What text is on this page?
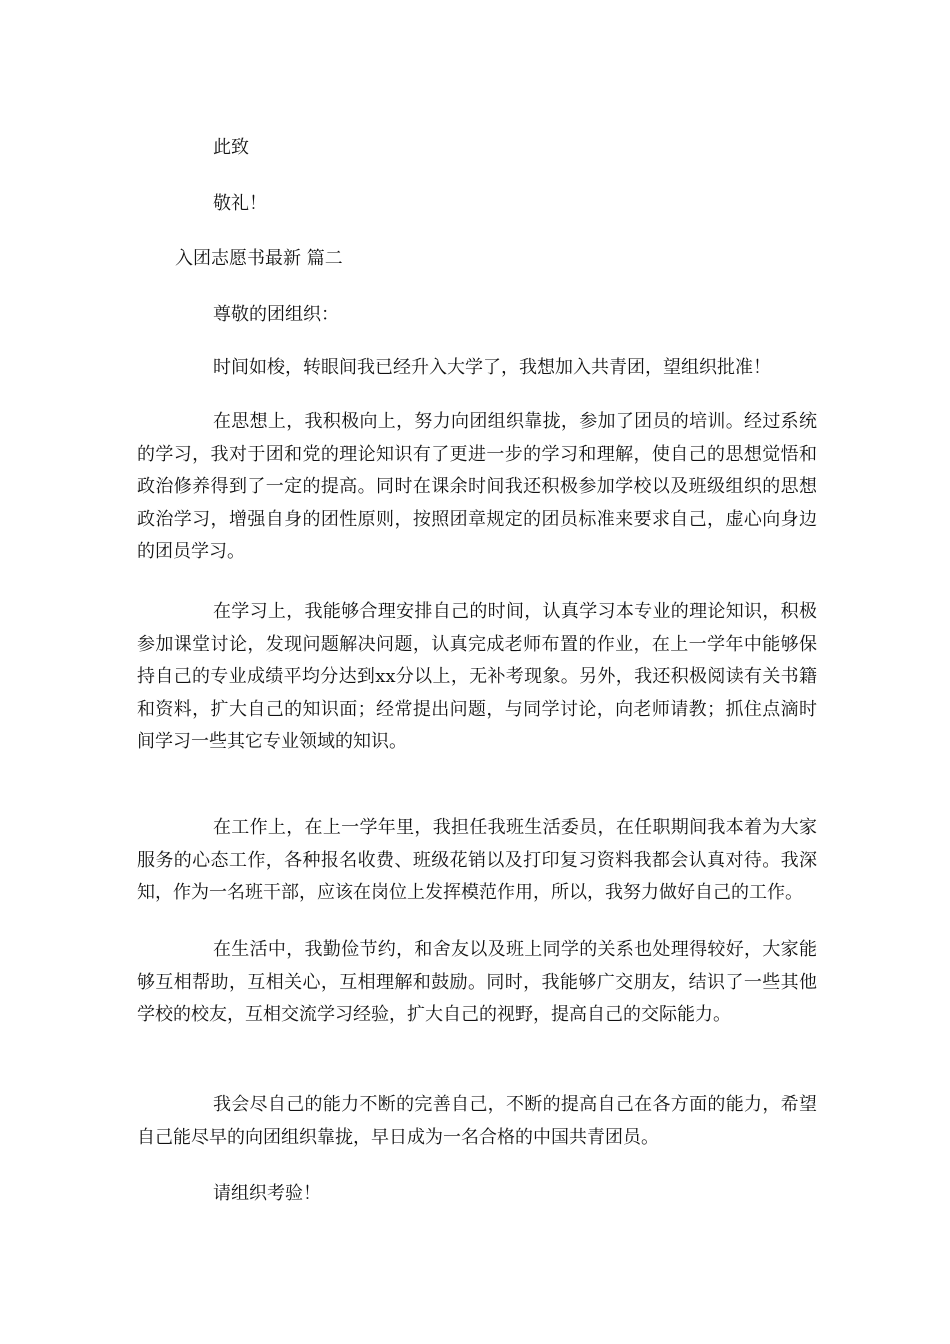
此致

敬礼！

入团志愿书最新 篇二

尊敬的团组织：

时间如梭，转眼间我已经升入大学了，我想加入共青团，望组织批准！

在思想上，我积极向上，努力向团组织靠拢，参加了团员的培训。经过系统的学习，我对于团和党的理论知识有了更进一步的学习和理解，使自己的思想觉悟和政治修养得到了一定的提高。同时在课余时间我还积极参加学校以及班级组织的思想政治学习，增强自身的团性原则，按照团章规定的团员标准来要求自己，虚心向身边的团员学习。

在学习上，我能够合理安排自己的时间，认真学习本专业的理论知识，积极参加课堂讨论，发现问题解决问题，认真完成老师布置的作业，在上一学年中能够保持自己的专业成绩平均分达到xx分以上，无补考现象。另外，我还积极阅读有关书籍和资料，扩大自己的知识面；经常提出问题，与同学讨论，向老师请教；抓住点滴时间学习一些其它专业领域的知识。

在工作上，在上一学年里，我担任我班生活委员，在任职期间我本着为大家服务的心态工作，各种报名收费、班级花销以及打印复习资料我都会认真对待。我深知，作为一名班干部，应该在岗位上发挥模范作用，所以，我努力做好自己的工作。

在生活中，我勤俭节约，和舍友以及班上同学的关系也处理得较好，大家能够互相帮助，互相关心，互相理解和鼓励。同时，我能够广交朋友，结识了一些其他学校的校友，互相交流学习经验，扩大自己的视野，提高自己的交际能力。

我会尽自己的能力不断的完善自己，不断的提高自己在各方面的能力，希望自己能尽早的向团组织靠拢，早日成为一名合格的中国共青团员。

请组织考验！
